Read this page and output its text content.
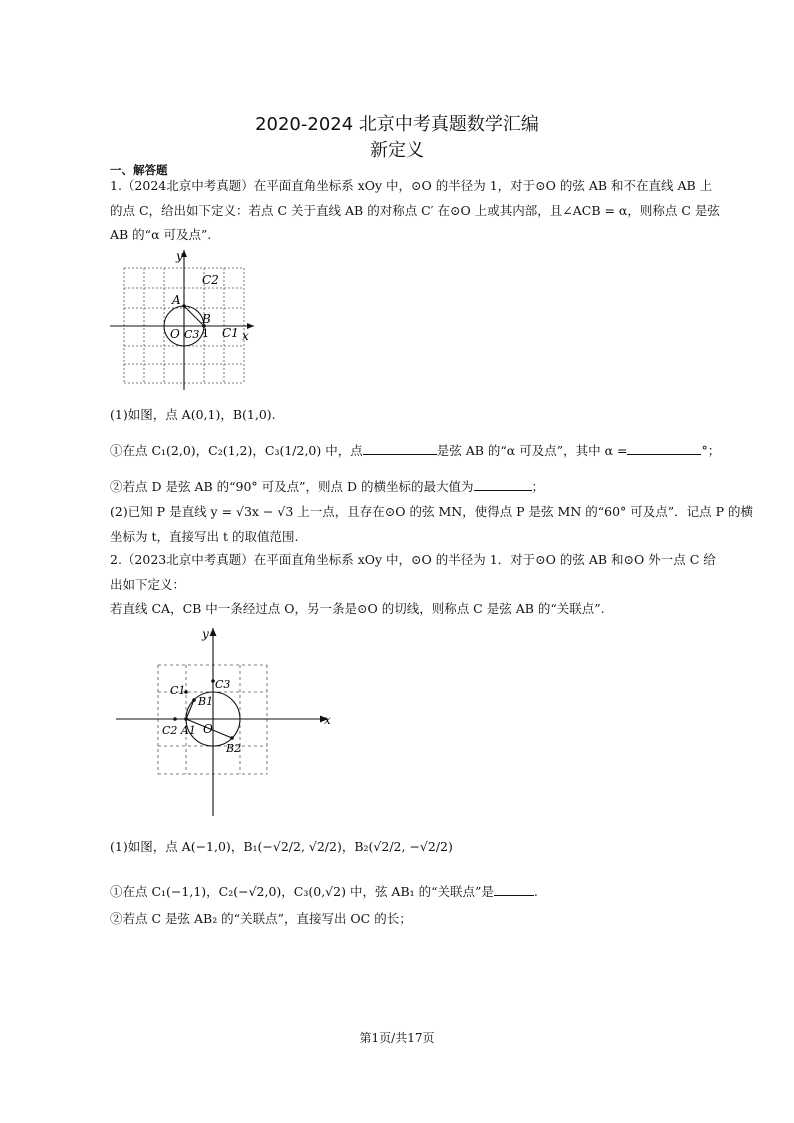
2020-2024 北京中考真题数学汇编
新定义
一、解答题
1.（2024北京中考真题）在平面直角坐标系 xOy 中，⊙O 的半径为 1，对于⊙O 的弦 AB 和不在直线 AB 上
的点 C，给出如下定义：若点 C 关于直线 AB 的对称点 C′ 在⊙O 上或其内部，且∠ACB = α，则称点 C 是弦
AB 的“α 可及点”.
y
x
C2
A
B
O C3 1 C1
(1)如图，点 A(0,1)，B(1,0).
①在点 C₁(2,0)，C₂(1,2)，C₃(1/2,0) 中，点	是弦 AB 的“α 可及点”，其中 α =	°；
②若点 D 是弦 AB 的“90° 可及点”，则点 D 的横坐标的最大值为	；
(2)已知 P 是直线 y = √3x − √3 上一点，且存在⊙O 的弦 MN，使得点 P 是弦 MN 的“60° 可及点”．记点 P 的横
坐标为 t，直接写出 t 的取值范围.
2.（2023北京中考真题）在平面直角坐标系 xOy 中，⊙O 的半径为 1．对于⊙O 的弦 AB 和⊙O 外一点 C 给
出如下定义：
若直线 CA，CB 中一条经过点 O，另一条是⊙O 的切线，则称点 C 是弦 AB 的“关联点”.
y
x
C1	C3
B1
C2 A1 O
B2
(1)如图，点 A(−1,0)，B₁(−√2/2, √2/2)，B₂(√2/2, −√2/2)
①在点 C₁(−1,1)，C₂(−√2,0)，C₃(0,√2) 中，弦 AB₁ 的“关联点”是	.
②若点 C 是弦 AB₂ 的“关联点”，直接写出 OC 的长；
第1页/共17页
